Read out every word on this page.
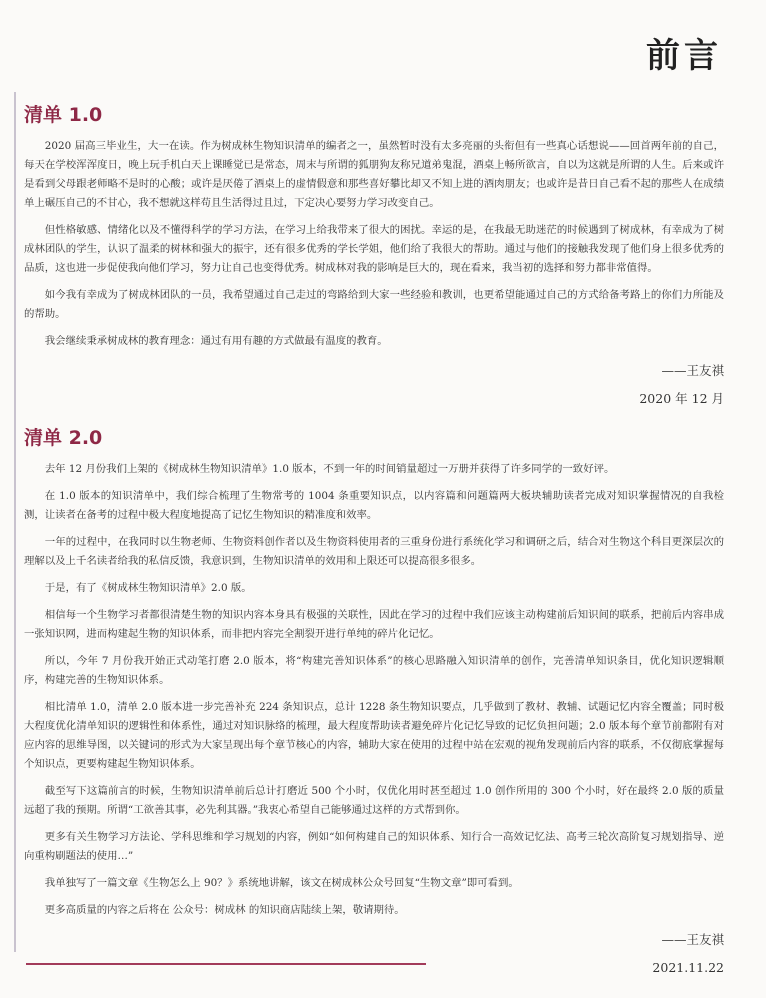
前言
清单 1.0

2020 届高三毕业生，大一在读。作为树成林生物知识清单的编者之一，虽然暂时没有太多亮丽的头衔但有一些真心话想说——回首两年前的自己，每天在学校浑浑度日，晚上玩手机白天上课睡觉已是常态，周末与所谓的狐朋狗友称兄道弟鬼混，酒桌上畅所欲言，自以为这就是所谓的人生。后来或许是看到父母跟老师略不是时的心酸；或许是厌倦了酒桌上的虚情假意和那些喜好攀比却又不知上进的酒肉朋友；也或许是昔日自己看不起的那些人在成绩单上碾压自己的不甘心，我不想就这样苟且生活得过且过，下定决心要努力学习改变自己。

但性格敏感、情绪化以及不懂得科学的学习方法，在学习上给我带来了很大的困扰。幸运的是，在我最无助迷茫的时候遇到了树成林，有幸成为了树成林团队的学生，认识了温柔的树林和强大的振宇，还有很多优秀的学长学姐，他们给了我很大的帮助。通过与他们的接触我发现了他们身上很多优秀的品质，这也进一步促使我向他们学习，努力让自己也变得优秀。树成林对我的影响是巨大的，现在看来，我当初的选择和努力都非常值得。

如今我有幸成为了树成林团队的一员，我希望通过自己走过的弯路给到大家一些经验和教训，也更希望能通过自己的方式给备考路上的你们力所能及的帮助。

我会继续秉承树成林的教育理念：通过有用有趣的方式做最有温度的教育。

——王友祺
2020 年 12 月
清单 2.0

去年 12 月份我们上架的《树成林生物知识清单》1.0 版本，不到一年的时间销量超过一万册并获得了许多同学的一致好评。

在 1.0 版本的知识清单中，我们综合梳理了生物常考的 1004 条重要知识点，以内容篇和问题篇两大板块辅助读者完成对知识掌握情况的自我检测，让读者在备考的过程中极大程度地提高了记忆生物知识的精准度和效率。

一年的过程中，在我同时以生物老师、生物资料创作者以及生物资料使用者的三重身份进行系统化学习和调研之后，结合对生物这个科目更深层次的理解以及上千名读者给我的私信反馈，我意识到，生物知识清单的效用和上限还可以提高很多很多。

于是，有了《树成林生物知识清单》2.0 版。

相信每一个生物学习者都很清楚生物的知识内容本身具有极强的关联性，因此在学习的过程中我们应该主动构建前后知识间的联系，把前后内容串成一张知识网，进而构建起生物的知识体系，而非把内容完全割裂开进行单纯的碎片化记忆。

所以，今年 7 月份我开始正式动笔打磨 2.0 版本，将“构建完善知识体系”的核心思路融入知识清单的创作，完善清单知识条目，优化知识逻辑顺序，构建完善的生物知识体系。

相比清单 1.0，清单 2.0 版本进一步完善补充 224 条知识点，总计 1228 条生物知识要点，几乎做到了教材、教辅、试题记忆内容全覆盖；同时极大程度优化清单知识的逻辑性和体系性，通过对知识脉络的梳理，最大程度帮助读者避免碎片化记忆导致的记忆负担问题；2.0 版本每个章节前都附有对应内容的思维导图，以关键词的形式为大家呈现出每个章节核心的内容，辅助大家在使用的过程中站在宏观的视角发现前后内容的联系，不仅彻底掌握每个知识点，更要构建起生物知识体系。

截至写下这篇前言的时候，生物知识清单前后总计打磨近 500 个小时，仅优化用时甚至超过 1.0 创作所用的 300 个小时，好在最终 2.0 版的质量远超了我的预期。所谓“工欲善其事，必先利其器。”我衷心希望自己能够通过这样的方式帮到你。

更多有关生物学习方法论、学科思维和学习规划的内容，例如“如何构建自己的知识体系、知行合一高效记忆法、高考三轮次高阶复习规划指导、逆向重构刷题法的使用…”

我单独写了一篇文章《生物怎么上 90？》系统地讲解，该文在树成林公众号回复“生物文章”即可看到。

更多高质量的内容之后将在 公众号：树成林 的知识商店陆续上架，敬请期待。

——王友祺
2021.11.22
